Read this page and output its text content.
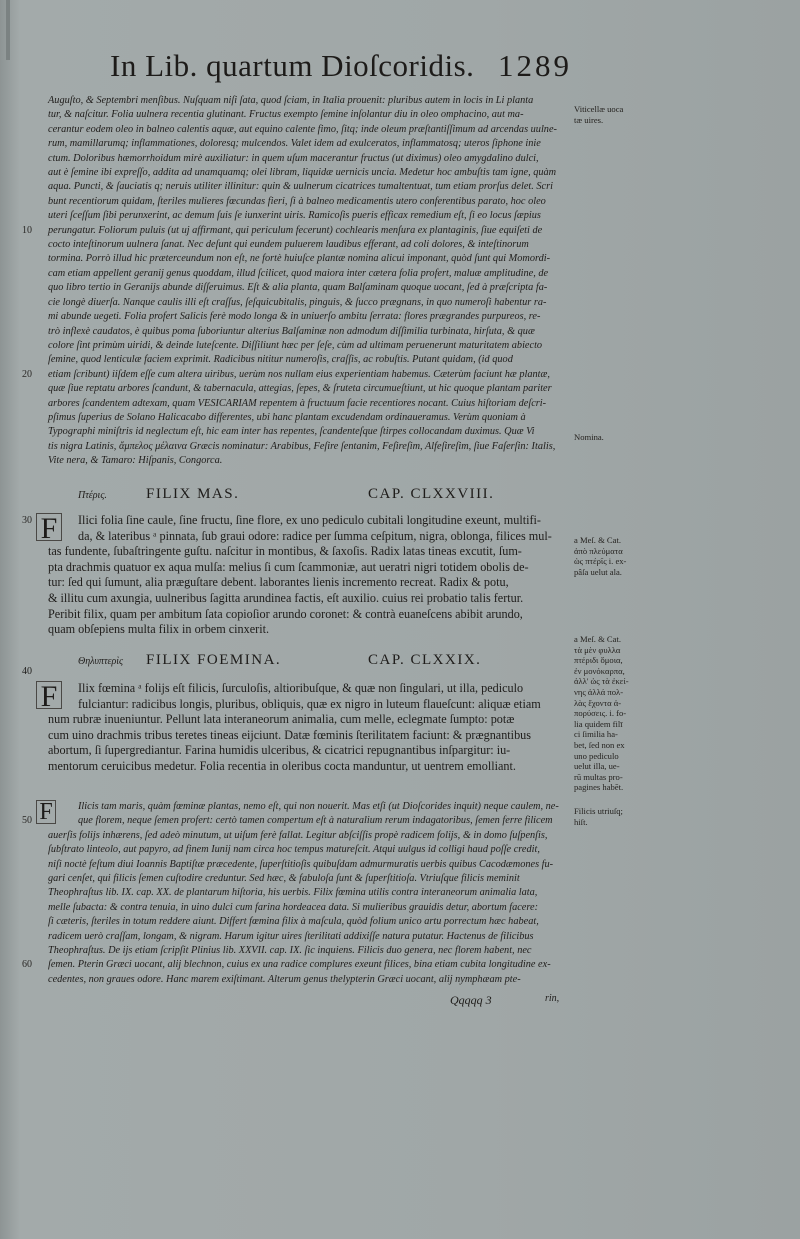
In Lib. quartum Dioſcoridis. 1289
Auguſto, & Septembri menſibus. Nuſquam niſi ſata, quod ſciam, in Italia prouenit: pluribus autem in locis in Li planta
tur, & naſcitur. Folia uulnera recentia glutinant. Fructus exempto ſemine inſolantur diu in oleo omphacino, aut ma-
cerantur eodem oleo in balneo calentis aquæ, aut equino calente fimo, ſitq; inde oleum præſtantiſſimum ad arcendas uulne-
rum, mamillarumq; inflammationes, doloresq; mulcendos. Valet idem ad exulceratos, inflammatosq; uteros ſiphone inie
ctum. Doloribus hæmorrhoidum mirè auxiliatur: in quem uſum macerantur fructus (ut diximus) oleo amygdalino dulci,
aut è ſemine ibi expreſſo, addita ad unamquamq; olei libram, liquidæ uernicis uncia. Medetur hoc ambuſtis tam igne, quàm
aqua. Puncti, & ſauciatis q; neruis utiliter illinitur: quin & uulnerum cicatrices tumaltentuat, tum etiam prorſus delet. Scri
bunt recentiorum quidam, ſteriles mulieres fœcundas fieri, ſi à balneo medicamentis utero conferentibus parato, hoc oleo
uteri ſceſſum ſibi perunxerint, ac demum ſuis ſe iunxerint uiris. Ramicoſis pueris efficax remedium eſt, ſi eo locus ſæpius
10 perungatur. Foliorum puluis (ut uj affirmant, qui periculum fecerunt) cochlearis menſura ex plantaginis, ſiue equiſeti de
cocto inteſtinorum uulnera ſanat. Nec deſunt qui eundem puluerem laudibus efferant, ad coli dolores, & inteſtinorum
tormina. Porrò illud hic præterceundum non eſt, ne fortè huiuſce plantæ nomina alicui imponant, quòd ſunt qui Momordi-
cam etiam appellent geranij genus quoddam, illud ſcilicet, quod maiora inter cætera folia profert, maluæ amplitudine, de
quo libro tertio in Geranijs abunde diſſeruimus. Eſt & alia planta, quam Balſaminam quoque uocant, ſed à præſcripta fa-
cie longè diuerſa. Nanque caulis illi eſt craſſus, ſeſquicubitalis, pinguis, & ſucco prægnans, in quo numeroſi habentur ra-
mi abunde uegeti. Folia profert Salicis ferè modo longa & in uniuerſo ambitu ſerrata: flores prægrandes purpureos, re-
trò inflexè caudatos, è quibus poma ſuboriuntur alterius Balſaminæ non admodum diſſimilia turbinata, hirſuta, & quæ
colore ſint primùm uiridi, & deinde luteſcente. Diſſiliunt hæc per ſeſe, cùm ad ultimam peruenerunt maturitatem abiecto
ſemine, quod lenticulæ faciem exprimit. Radicibus nititur numeroſis, craſſis, ac robuſtis. Putant quidam, (id quod
20 etiam ſcribunt) iiſdem eſſe cum altera uiribus, uerùm nos nullam eius experientiam habemus. Cæterùm faciunt hæ plantæ,
quæ ſiue reptatu arbores ſcandunt, & tabernacula, attegias, ſepes, & ſruteta circumueſtiunt, ut hic quoque plantam pariter
arbores ſcandentem adtexam, quam VESICARIAM repentem à fructuum facie recentiores nocant. Cuius hiſtoriam deſcri-
pſimus ſuperius de Solano Halicacabo differentes, ubi hanc plantam excudendam ordinaueramus. Verùm quoniam à
Typographi miniſtris id neglectum eſt, hic eam inter has repentes, ſcandenteſque ſtirpes collocandam duximus. Quæ Vi
tis nigra Latinis, ἄμπελος μέλαινα Græcis nominatur: Arabibus, Feſire ſentanim, Feſireſim, Alfeſireſim, ſiue Faſerſin: Italis,
Vite nera, & Tamaro: Hiſpanis, Congorca.
Πτέρις.	FILIX MAS.	CAP. CLXXVIII.
F
30	Ilici folia ſine caule, ſine fructu, ſine flore, ex uno pediculo cubitali longitudine exeunt, multifi-
da, & lateribus ᵃ pinnata, ſub graui odore: radice per ſumma ceſpitum, nigra, oblonga, filices mul-
tas fundente, ſubaſtringente guſtu. naſcitur in montibus, & ſaxoſis. Radix latas tineas excutit, ſum-
pta drachmis quatuor ex aqua mulſa: melius ſi cum ſcammoniæ, aut ueratri nigri totidem obolis de-
tur: ſed qui ſumunt, alia præguſtare debent. laborantes lienis incremento recreat. Radix & potu,
& illitu cum axungia, uulneribus ſagitta arundinea factis, eſt auxilio. cuius rei probatio talis fertur.
Peribit filix, quam per ambitum ſata copioſior arundo coronet: & contrà euaneſcens abibit arundo,
quam obſepiens multa filix in orbem cinxerit.
Θηλυπτερὶς FILIX FOEMINA.	CAP. CLXXIX.
40
F	Ilix fœmina ᵃ folijs eſt filicis, ſurculoſis, altioribuſque, & quæ non ſingulari, ut illa, pediculo
fulciantur: radicibus longis, pluribus, obliquis, quæ ex nigro in luteum flaueſcunt: aliquæ etiam
num rubræ inueniuntur. Pellunt lata interaneorum animalia, cum melle, eclegmate ſumpto: potæ
cum uino drachmis tribus teretes tineas eijciunt. Datæ fœminis ſterilitatem faciunt: & prægnantibus
abortum, ſi ſupergrediantur. Farina humidis ulceribus, & cicatrici repugnantibus inſpargitur: iu-
mentorum ceruicibus medetur. Folia recentia in oleribus cocta manduntur, ut uentrem emolliant.
F	Ilicis tam maris, quàm fœminæ plantas, nemo eſt, qui non nouerit. Mas etſi (ut Dioſcorides inquit) neque caulem, ne-
50	que florem, neque ſemen profert: certò tamen compertum eſt à naturalium rerum indagatoribus, ſemen ferre filicem
auerſis folijs inhærens, ſed adeò minutum, ut uiſum ferè fallat. Legitur abſciſſis propè radicem folijs, & in domo ſuſpenſis,
ſubſtrato linteolo, aut papyro, ad finem Iunij nam circa hoc tempus matureſcit. Atqui uulgus id colligi haud poſſe credit,
niſi noctè feſtum diui Ioannis Baptiſtæ præcedente, ſuperſtitioſis quibuſdam admurmuratis uerbis quibus Cacodæmones fu-
gari cenſet, qui filicis ſemen cuſtodire creduntur. Sed hæc, & fabuloſa ſunt & ſuperſtitioſa. Vtriuſque filicis meminit
Theophraſtus lib. IX. cap. XX. de plantarum hiſtoria, his uerbis. Filix fœmina utilis contra interaneorum animalia lata,
melle ſubacta: & contra tenuia, in uino dulci cum farina hordeacea data. Si mulieribus grauidis detur, abortum facere:
ſi cæteris, ſteriles in totum reddere aiunt. Differt fœmina filix à maſcula, quòd folium unico artu porrectum hæc habeat,
radicem uerò craſſam, longam, & nigram. Harum igitur uires ſterilitati addixiſſe natura putatur. Hactenus de filicibus
Theophraſtus. De ijs etiam ſcripſit Plinius lib. XXVII. cap. IX. ſic inquiens. Filicis duo genera, nec florem habent, nec
60 ſemen. Pterin Græci uocant, alij blechnon, cuius ex una radice complures exeunt filices, bina etiam cubita longitudine ex-
cedentes, non graues odore. Hanc marem exiſtimant. Alterum genus thelypterin Græci uocant, alij nymphæam pte-
Qqqqq 3	rin,
Viticellæ uoca
tæ uires.
Nomina.
a Meſ. & Cat.
ἀπὸ πλεύματα
ὡς πτέρῖς i. ex-
pâſa uelut ala.
a Meſ. & Cat.
τὰ μὲν φυλλα
πτέριδι ὅμοια,
ἐν μονόκαρπα,
ἀλλ' ὡς τὰ ἐκεί-
νης ἀλλά πολ-
λὰς ἔχοντα ἀ-
πορύσεις. i. fo-
lia quidem filī
ci ſimilia ha-
bet, ſed non ex
uno pediculo
uelut illa, ue-
rū multas pro-
pagines habēt.
Filicis utriuſq;
hiſt.
